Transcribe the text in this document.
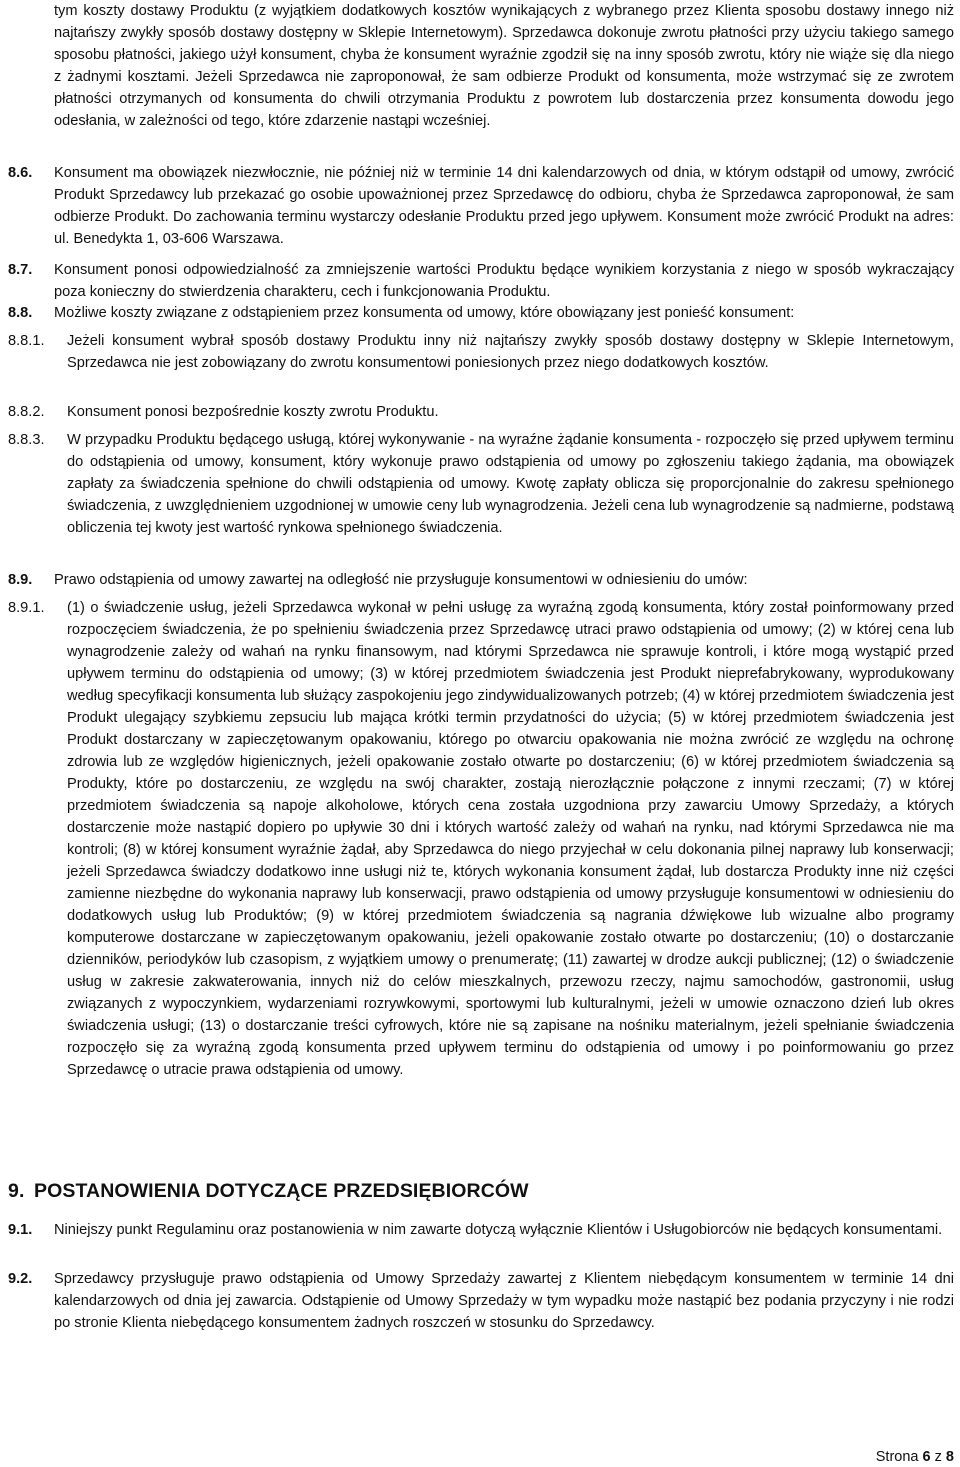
tym koszty dostawy Produktu (z wyjątkiem dodatkowych kosztów wynikających z wybranego przez Klienta sposobu dostawy innego niż najtańszy zwykły sposób dostawy dostępny w Sklepie Internetowym). Sprzedawca dokonuje zwrotu płatności przy użyciu takiego samego sposobu płatności, jakiego użył konsument, chyba że konsument wyraźnie zgodził się na inny sposób zwrotu, który nie wiąże się dla niego z żadnymi kosztami. Jeżeli Sprzedawca nie zaproponował, że sam odbierze Produkt od konsumenta, może wstrzymać się ze zwrotem płatności otrzymanych od konsumenta do chwili otrzymania Produktu z powrotem lub dostarczenia przez konsumenta dowodu jego odesłania, w zależności od tego, które zdarzenie nastąpi wcześniej.
8.6. Konsument ma obowiązek niezwłocznie, nie później niż w terminie 14 dni kalendarzowych od dnia, w którym odstąpił od umowy, zwrócić Produkt Sprzedawcy lub przekazać go osobie upoważnionej przez Sprzedawcę do odbioru, chyba że Sprzedawca zaproponował, że sam odbierze Produkt. Do zachowania terminu wystarczy odesłanie Produktu przed jego upływem. Konsument może zwrócić Produkt na adres: ul. Benedykta 1, 03-606 Warszawa.
8.7. Konsument ponosi odpowiedzialność za zmniejszenie wartości Produktu będące wynikiem korzystania z niego w sposób wykraczający poza konieczny do stwierdzenia charakteru, cech i funkcjonowania Produktu.
8.8. Możliwe koszty związane z odstąpieniem przez konsumenta od umowy, które obowiązany jest ponieść konsument:
8.8.1. Jeżeli konsument wybrał sposób dostawy Produktu inny niż najtańszy zwykły sposób dostawy dostępny w Sklepie Internetowym, Sprzedawca nie jest zobowiązany do zwrotu konsumentowi poniesionych przez niego dodatkowych kosztów.
8.8.2. Konsument ponosi bezpośrednie koszty zwrotu Produktu.
8.8.3. W przypadku Produktu będącego usługą, której wykonywanie - na wyraźne żądanie konsumenta - rozpoczęło się przed upływem terminu do odstąpienia od umowy, konsument, który wykonuje prawo odstąpienia od umowy po zgłoszeniu takiego żądania, ma obowiązek zapłaty za świadczenia spełnione do chwili odstąpienia od umowy. Kwotę zapłaty oblicza się proporcjonalnie do zakresu spełnionego świadczenia, z uwzględnieniem uzgodnionej w umowie ceny lub wynagrodzenia. Jeżeli cena lub wynagrodzenie są nadmierne, podstawą obliczenia tej kwoty jest wartość rynkowa spełnionego świadczenia.
8.9. Prawo odstąpienia od umowy zawartej na odległość nie przysługuje konsumentowi w odniesieniu do umów:
8.9.1. (1) o świadczenie usług, jeżeli Sprzedawca wykonał w pełni usługę za wyraźną zgodą konsumenta, który został poinformowany przed rozpoczęciem świadczenia, że po spełnieniu świadczenia przez Sprzedawcę utraci prawo odstąpienia od umowy; (2) w której cena lub wynagrodzenie zależy od wahań na rynku finansowym, nad którymi Sprzedawca nie sprawuje kontroli, i które mogą wystąpić przed upływem terminu do odstąpienia od umowy; (3) w której przedmiotem świadczenia jest Produkt nieprefabrykowany, wyprodukowany według specyfikacji konsumenta lub służący zaspokojeniu jego zindywidualizowanych potrzeb; (4) w której przedmiotem świadczenia jest Produkt ulegający szybkiemu zepsuciu lub mająca krótki termin przydatności do użycia; (5) w której przedmiotem świadczenia jest Produkt dostarczany w zapieczętowanym opakowaniu, którego po otwarciu opakowania nie można zwrócić ze względu na ochronę zdrowia lub ze względów higienicznych, jeżeli opakowanie zostało otwarte po dostarczeniu; (6) w której przedmiotem świadczenia są Produkty, które po dostarczeniu, ze względu na swój charakter, zostają nierozłącznie połączone z innymi rzeczami; (7) w której przedmiotem świadczenia są napoje alkoholowe, których cena została uzgodniona przy zawarciu Umowy Sprzedaży, a których dostarczenie może nastąpić dopiero po upływie 30 dni i których wartość zależy od wahań na rynku, nad którymi Sprzedawca nie ma kontroli; (8) w której konsument wyraźnie żądał, aby Sprzedawca do niego przyjechał w celu dokonania pilnej naprawy lub konserwacji; jeżeli Sprzedawca świadczy dodatkowo inne usługi niż te, których wykonania konsument żądał, lub dostarcza Produkty inne niż części zamienne niezbędne do wykonania naprawy lub konserwacji, prawo odstąpienia od umowy przysługuje konsumentowi w odniesieniu do dodatkowych usług lub Produktów; (9) w której przedmiotem świadczenia są nagrania dźwiękowe lub wizualne albo programy komputerowe dostarczane w zapieczętowanym opakowaniu, jeżeli opakowanie zostało otwarte po dostarczeniu; (10) o dostarczanie dzienników, periodyków lub czasopism, z wyjątkiem umowy o prenumeratę; (11) zawartej w drodze aukcji publicznej; (12) o świadczenie usług w zakresie zakwaterowania, innych niż do celów mieszkalnych, przewozu rzeczy, najmu samochodów, gastronomii, usług związanych z wypoczynkiem, wydarzeniami rozrywkowymi, sportowymi lub kulturalnymi, jeżeli w umowie oznaczono dzień lub okres świadczenia usługi; (13) o dostarczanie treści cyfrowych, które nie są zapisane na nośniku materialnym, jeżeli spełnianie świadczenia rozpoczęło się za wyraźną zgodą konsumenta przed upływem terminu do odstąpienia od umowy i po poinformowaniu go przez Sprzedawcę o utracie prawa odstąpienia od umowy.
9. POSTANOWIENIA DOTYCZĄCE PRZEDSIĘBIORCÓW
9.1. Niniejszy punkt Regulaminu oraz postanowienia w nim zawarte dotyczą wyłącznie Klientów i Usługobiorców nie będących konsumentami.
9.2. Sprzedawcy przysługuje prawo odstąpienia od Umowy Sprzedaży zawartej z Klientem niebędącym konsumentem w terminie 14 dni kalendarzowych od dnia jej zawarcia. Odstąpienie od Umowy Sprzedaży w tym wypadku może nastąpić bez podania przyczyny i nie rodzi po stronie Klienta niebędącego konsumentem żadnych roszczeń w stosunku do Sprzedawcy.
Strona 6 z 8
